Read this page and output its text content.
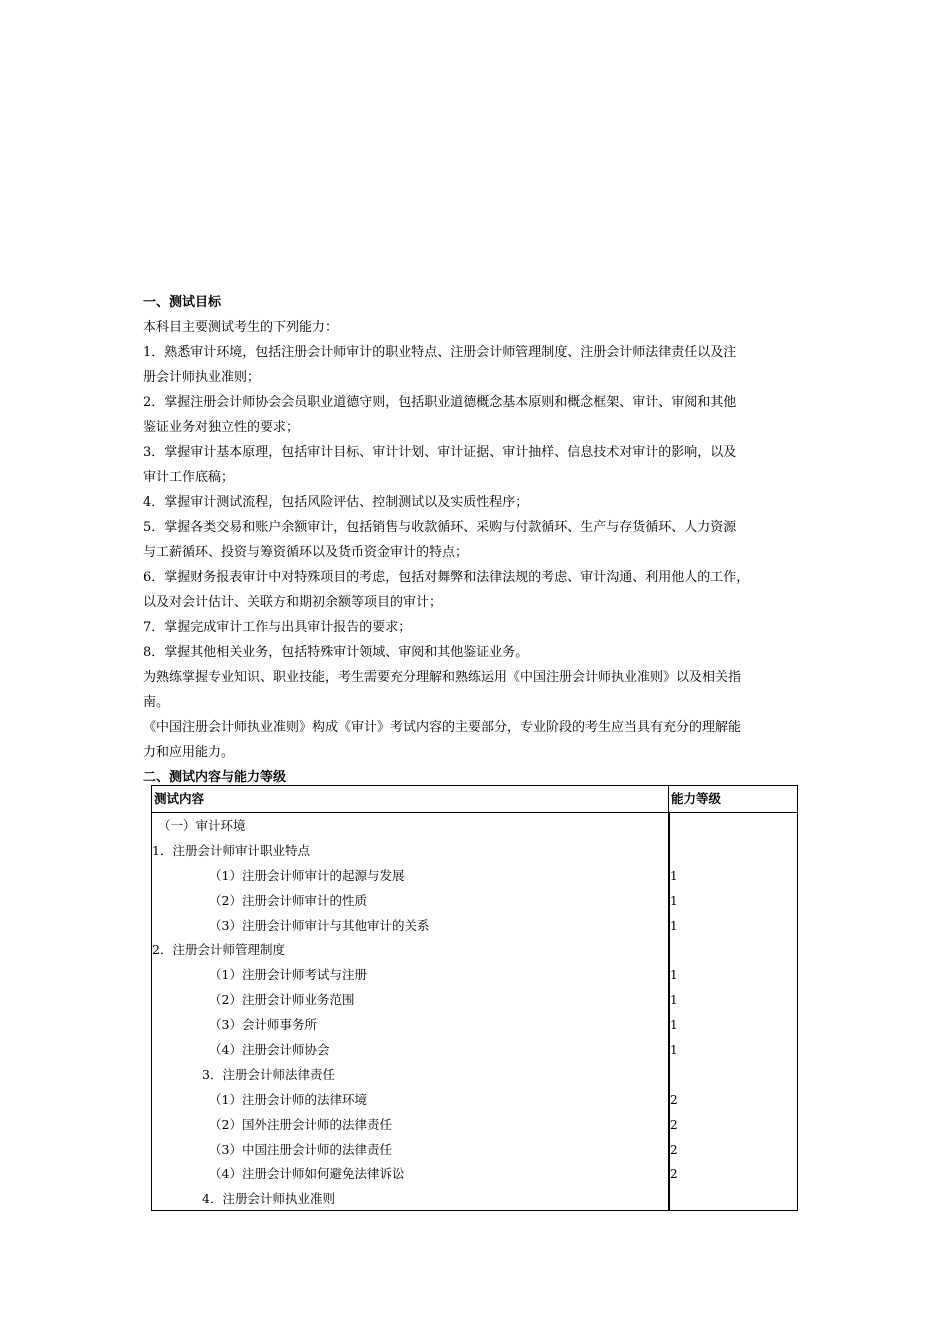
一、测试目标

本科目主要测试考生的下列能力：

1．熟悉审计环境，包括注册会计师审计的职业特点、注册会计师管理制度、注册会计师法律责任以及注
册会计师执业准则；

2．掌握注册会计师协会会员职业道德守则，包括职业道德概念基本原则和概念框架、审计、审阅和其他
鉴证业务对独立性的要求；

3．掌握审计基本原理，包括审计目标、审计计划、审计证据、审计抽样、信息技术对审计的影响，以及
审计工作底稿；

4．掌握审计测试流程，包括风险评估、控制测试以及实质性程序；

5．掌握各类交易和账户余额审计，包括销售与收款循环、采购与付款循环、生产与存货循环、人力资源
与工薪循环、投资与筹资循环以及货币资金审计的特点；

6．掌握财务报表审计中对特殊项目的考虑，包括对舞弊和法律法规的考虑、审计沟通、利用他人的工作，
以及对会计估计、关联方和期初余额等项目的审计；

7．掌握完成审计工作与出具审计报告的要求；

8．掌握其他相关业务，包括特殊审计领域、审阅和其他鉴证业务。

为熟练掌握专业知识、职业技能，考生需要充分理解和熟练运用《中国注册会计师执业准则》以及相关指
南。

《中国注册会计师执业准则》构成《审计》考试内容的主要部分，专业阶段的考生应当具有充分的理解能
力和应用能力。

二、测试内容与能力等级
测试内容	能力等级
（一）审计环境
1．注册会计师审计职业特点
（1）注册会计师审计的起源与发展	1
（2）注册会计师审计的性质	1
（3）注册会计师审计与其他审计的关系	1
2．注册会计师管理制度
（1）注册会计师考试与注册	1
（2）注册会计师业务范围	1
（3）会计师事务所	1
（4）注册会计师协会	1
3．注册会计师法律责任
（1）注册会计师的法律环境	2
（2）国外注册会计师的法律责任	2
（3）中国注册会计师的法律责任	2
（4）注册会计师如何避免法律诉讼	2
4．注册会计师执业准则
